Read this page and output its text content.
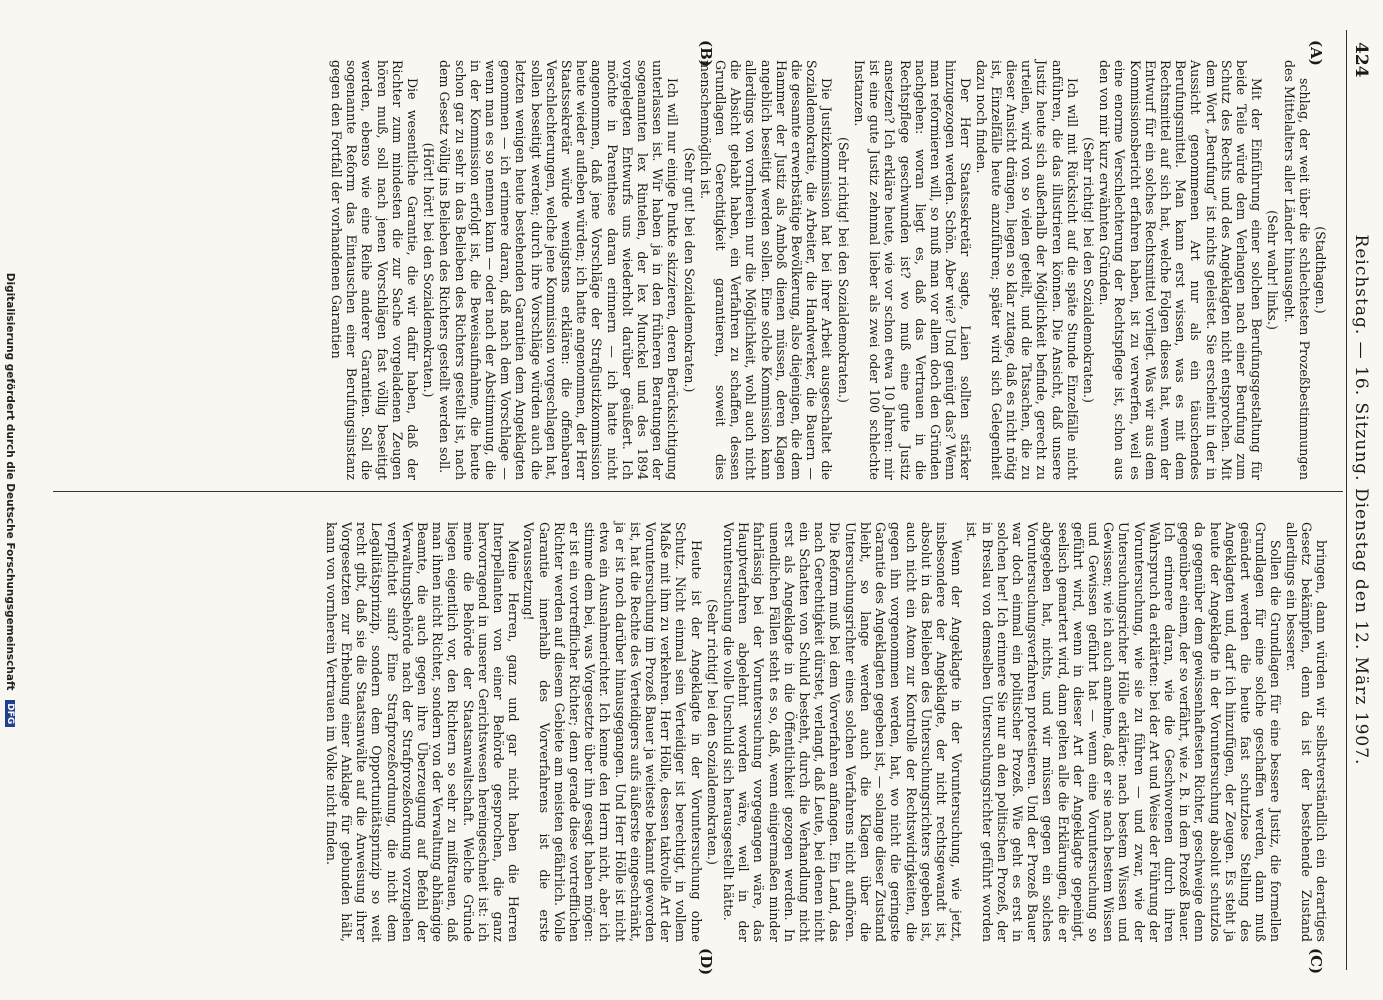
424
Reichstag. — 16. Sitzung. Dienstag den 12. März 1907.
(A)
(B)
(C)
(D)

(Stadthagen.)

schlag, der weit über die schlechtesten Prozeßbestimmungen des Mittelalters aller Länder hinausgeht.

(Sehr wahr! links.)

Mit der Einführung einer solchen Berufungsgestaltung für beide Teile würde dem Verlangen nach einer Berufung zum Schutz des Rechts und des Angeklagten nicht entsprochen. Mit dem Wort „Berufung“ ist nichts geleistet. Sie erscheint in der in Aussicht genommenen Art nur als ein täuschendes Berufungsmittel. Man kann erst wissen, was es mit dem Rechtsmittel auf sich hat, welche Folgen dieses hat, wenn der Entwurf für ein solches Rechtsmittel vorliegt. Was wir aus dem Kommissionsbericht erfahren haben, ist zu verwerfen, weil es eine enorme Verschlechterung der Rechtspflege ist, schon aus den von mir kurz erwähnten Gründen.

(Sehr richtig! bei den Sozialdemokraten.)

Ich will mit Rücksicht auf die späte Stunde Einzelfälle nicht anführen, die das illustrieren können. Die Ansicht, daß unsere Justiz heute sich außerhalb der Möglichkeit befinde, gerecht zu urteilen, wird von so vielen geteilt, und die Tatsachen, die zu dieser Ansicht drängen, liegen so klar zutage, daß es nicht nötig ist, Einzelfälle heute anzuführen; später wird sich Gelegenheit dazu noch finden.

Der Herr Staatssekretär sagte, Laien sollten stärker hinzugezogen werden. Schön. Aber wie? Und genügt das? Wenn man reformieren will, so muß man vor allem doch den Gründen nachgehen: woran liegt es, daß das Vertrauen in die Rechtspflege geschwunden ist? wo muß eine gute Justiz ansetzen? Ich erkläre heute, wie vor schon etwa 10 Jahren: mir ist eine gute Justiz zehnmal lieber als zwei oder 100 schlechte Instanzen.

(Sehr richtig! bei den Sozialdemokraten.)

Die Justizkommission hat bei ihrer Arbeit ausgeschaltet die Sozialdemokratie, die Arbeiter, die Handwerker, die Bauern — die gesamte erwerbstätige Bevölkerung, also diejenigen, die dem Hammer der Justiz als Amboß dienen müssen, deren Klagen angeblich beseitigt werden sollen. Eine solche Kommission kann allerdings von vornherein nur die Möglichkeit, wohl auch nicht die Absicht gehabt haben, ein Verfahren zu schaffen, dessen Grundlagen Gerechtigkeit garantieren, soweit dies menschenmöglich ist.

(Sehr gut! bei den Sozialdemokraten.)

Ich will nur einige Punkte skizzieren, deren Berücksichtigung unterlassen ist. Wir haben ja in den früheren Beratungen der sogenannten lex Rintelen, der lex Munckel und des 1894 vorgelegten Entwurfs uns wiederholt darüber geäußert. Ich möchte in Parenthese daran erinnern — ich hatte nicht angenommen, daß jene Vorschläge der Strafjustizkommission heute wieder aufleben würden; ich hatte angenommen, der Herr Staatssekretär würde wenigstens erklären: die offenbaren Verschlechterungen, welche jene Kommission vorgeschlagen hat, sollen beseitigt werden; durch ihre Vorschläge würden auch die letzten wenigen heute bestehenden Garantien dem Angeklagten genommen — ich erinnere daran, daß nach dem Vorschlage — wenn man es so nennen kann — oder nach der Abstimmung, die in der Kommission erfolgt ist, die Beweisaufnahme, die heute schon gar zu sehr in das Belieben des Richters gestellt ist, nach dem Gesetz völlig ins Belieben des Richters gestellt werden soll.

(Hört! hört! bei den Sozialdemokraten.)

Die wesentliche Garantie, die wir dafür haben, daß der Richter zum mindesten die zur Sache vorgeladenen Zeugen hören muß, soll nach jenen Vorschlägen fast völlig beseitigt werden, ebenso wie eine Reihe anderer Garantien. Soll die sogenannte Reform das Eintauschen einer Berufungsinstanz gegen den Fortfall der vorhandenen Garantien

bringen, dann würden wir selbstverständlich ein derartiges Gesetz bekämpfen, denn da ist der bestehende Zustand allerdings ein besserer.

Sollen die Grundlagen für eine bessere Justiz, die formellen Grundlagen für eine solche geschaffen werden, dann muß geändert werden die heute fast schutzlose Stellung des Angeklagten und, darf ich hinzufügen, der Zeugen. Es steht ja heute der Angeklagte in der Voruntersuchung absolut schutzlos da gegenüber dem gewissenhaftesten Richter, geschweige denn gegenüber einem, der so verfährt, wie z. B. in dem Prozeß Bauer. Ich erinnere daran, wie die Geschworenen durch ihren Wahrspruch da erklärten: bei der Art und Weise der Führung der Voruntersuchung, wie sie zu führen — und zwar, wie der Untersuchungsrichter Hölle erklärte: nach bestem Wissen und Gewissen; wie ich auch annehme, daß er sie nach bestem Wissen und Gewissen geführt hat — wenn eine Voruntersuchung so geführt wird, wenn in dieser Art der Angeklagte gepeinigt, seelisch gemartert wird, dann gelten alle die Erklärungen, die er abgegeben hat, nichts, und wir müssen gegen ein solches Voruntersuchungsverfahren protestieren. Und der Prozeß Bauer war doch einmal ein politischer Prozeß. Wie geht es erst in solchen her! Ich erinnere Sie nur an den politischen Prozeß, der in Breslau von demselben Untersuchungsrichter geführt worden ist.

Wenn der Angeklagte in der Voruntersuchung, wie jetzt, insbesondere der Angeklagte, der nicht rechtsgewandt ist, absolut in das Belieben des Untersuchungsrichters gegeben ist, auch nicht ein Atom zur Kontrolle der Rechtswidrigkeiten, die gegen ihn vorgenommen werden, hat, wo nicht die geringste Garantie des Angeklagten gegeben ist, — solange dieser Zustand bleibt, so lange werden auch die Klagen über die Untersuchungsrichter eines solchen Verfahrens nicht aufhören. Die Reform muß bei dem Vorverfahren anfangen. Ein Land, das nach Gerechtigkeit dürstet, verlangt, daß Leute, bei denen nicht ein Schatten von Schuld besteht, durch die Verhandlung nicht erst als Angeklagte in die Öffentlichkeit gezogen werden. In unendlichen Fällen steht es so, daß, wenn einigermaßen minder fahrlässig bei der Voruntersuchung vorgegangen wäre, das Hauptverfahren abgelehnt worden wäre, weil in der Voruntersuchung die volle Unschuld sich herausgestellt hätte.

(Sehr richtig! bei den Sozialdemokraten.)

Heute ist der Angeklagte in der Voruntersuchung ohne Schutz. Nicht einmal sein Verteidiger ist berechtigt, in vollem Maße mit ihm zu verkehren. Herr Hölle, dessen taktvolle Art der Voruntersuchung im Prozeß Bauer ja weiteste bekannt geworden ist, hat die Rechte des Verteidigers aufs äußerste eingeschränkt, ja er ist noch darüber hinausgegangen. Und Herr Hölle ist nicht etwa ein Ausnahmerichter. Ich kenne den Herrn nicht, aber ich stimme dem bei, was Vorgesetzte über ihn gesagt haben mögen: er ist ein vortrefflicher Richter; denn gerade diese vortrefflichen Richter werden auf diesem Gebiete am meisten gefährlich. Volle Garantie innerhalb des Vorverfahrens ist die erste Voraussetzung!

Meine Herren, ganz und gar nicht haben die Herren Interpellanten von einer Behörde gesprochen, die ganz hervorragend in unserer Gerichtswesen hereingeschneit ist: ich meine die Behörde der Staatsanwaltschaft. Welche Gründe liegen eigentlich vor, den Richtern so sehr zu mißtrauen, daß man ihnen nicht Richter, sondern von der Verwaltung abhängige Beamte, die auch gegen ihre Überzeugung auf Befehl der Verwaltungsbehörde nach der Strafprozeßordnung vorzugehen verpflichtet sind? Eine Strafprozeßordnung, die nicht dem Legalitätsprinzip, sondern dem Opportunitätsprinzip so weit recht gibt, daß sie die Staatsanwälte auf die Anweisung ihrer Vorgesetzten zur Erhebung einer Anklage für gebunden hält, kann von vornherein Vertrauen im Volke nicht finden.

Digitalisierung gefördert durch die Deutsche Forschungsgemeinschaft DFG
